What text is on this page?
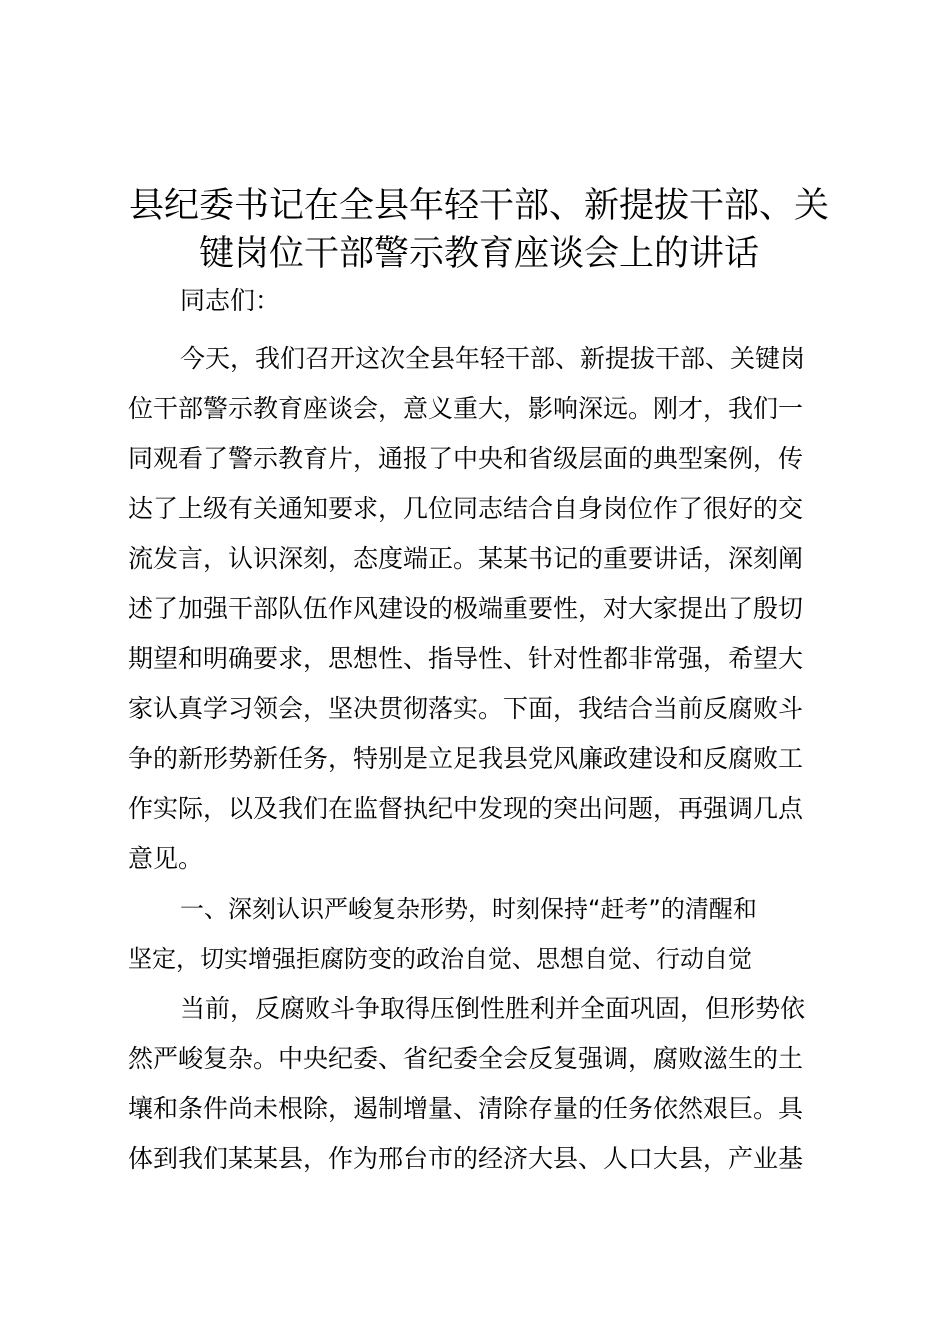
县纪委书记在全县年轻干部、新提拔干部、关
键岗位干部警示教育座谈会上的讲话

同志们：

今天，我们召开这次全县年轻干部、新提拔干部、关键岗
位干部警示教育座谈会，意义重大，影响深远。刚才，我们一
同观看了警示教育片，通报了中央和省级层面的典型案例，传
达了上级有关通知要求，几位同志结合自身岗位作了很好的交
流发言，认识深刻，态度端正。某某书记的重要讲话，深刻阐
述了加强干部队伍作风建设的极端重要性，对大家提出了殷切
期望和明确要求，思想性、指导性、针对性都非常强，希望大
家认真学习领会，坚决贯彻落实。下面，我结合当前反腐败斗
争的新形势新任务，特别是立足我县党风廉政建设和反腐败工
作实际，以及我们在监督执纪中发现的突出问题，再强调几点
意见。
一、深刻认识严峻复杂形势，时刻保持“赶考”的清醒和
坚定，切实增强拒腐防变的政治自觉、思想自觉、行动自觉
当前，反腐败斗争取得压倒性胜利并全面巩固，但形势依
然严峻复杂。中央纪委、省纪委全会反复强调，腐败滋生的土
壤和条件尚未根除，遏制增量、清除存量的任务依然艰巨。具
体到我们某某县，作为邢台市的经济大县、人口大县，产业基
